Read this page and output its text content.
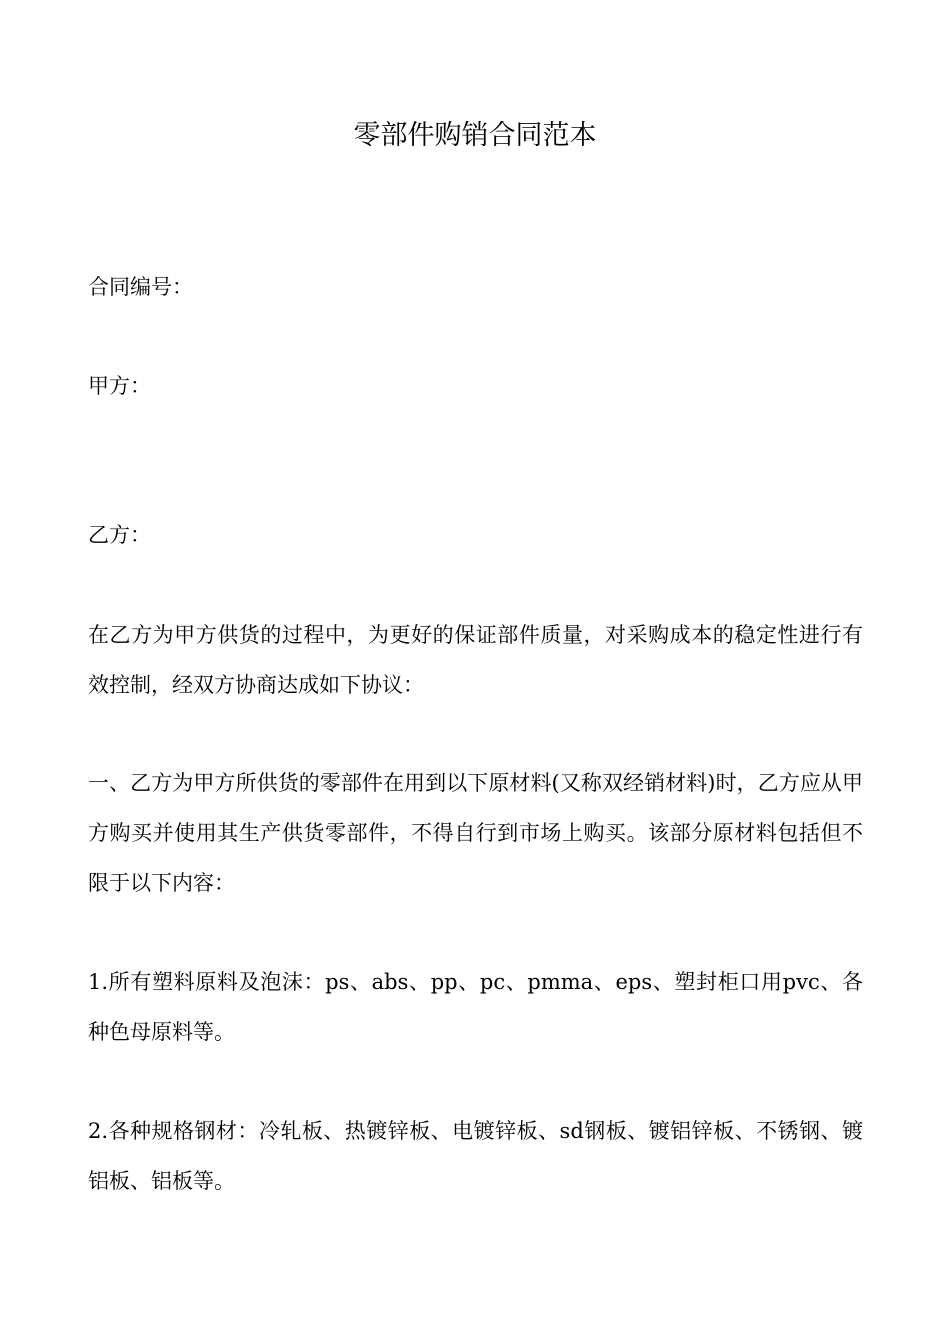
零部件购销合同范本

合同编号：

甲方：

乙方：

在乙方为甲方供货的过程中，为更好的保证部件质量，对采购成本的稳定性进行有效控制，经双方协商达成如下协议：

一、乙方为甲方所供货的零部件在用到以下原材料(又称双经销材料)时，乙方应从甲方购买并使用其生产供货零部件，不得自行到市场上购买。该部分原材料包括但不限于以下内容：

1.所有塑料原料及泡沫：ps、abs、pp、pc、pmma、eps、塑封柜口用pvc、各种色母原料等。

2.各种规格钢材：冷轧板、热镀锌板、电镀锌板、sd钢板、镀铝锌板、不锈钢、镀铝板、铝板等。
